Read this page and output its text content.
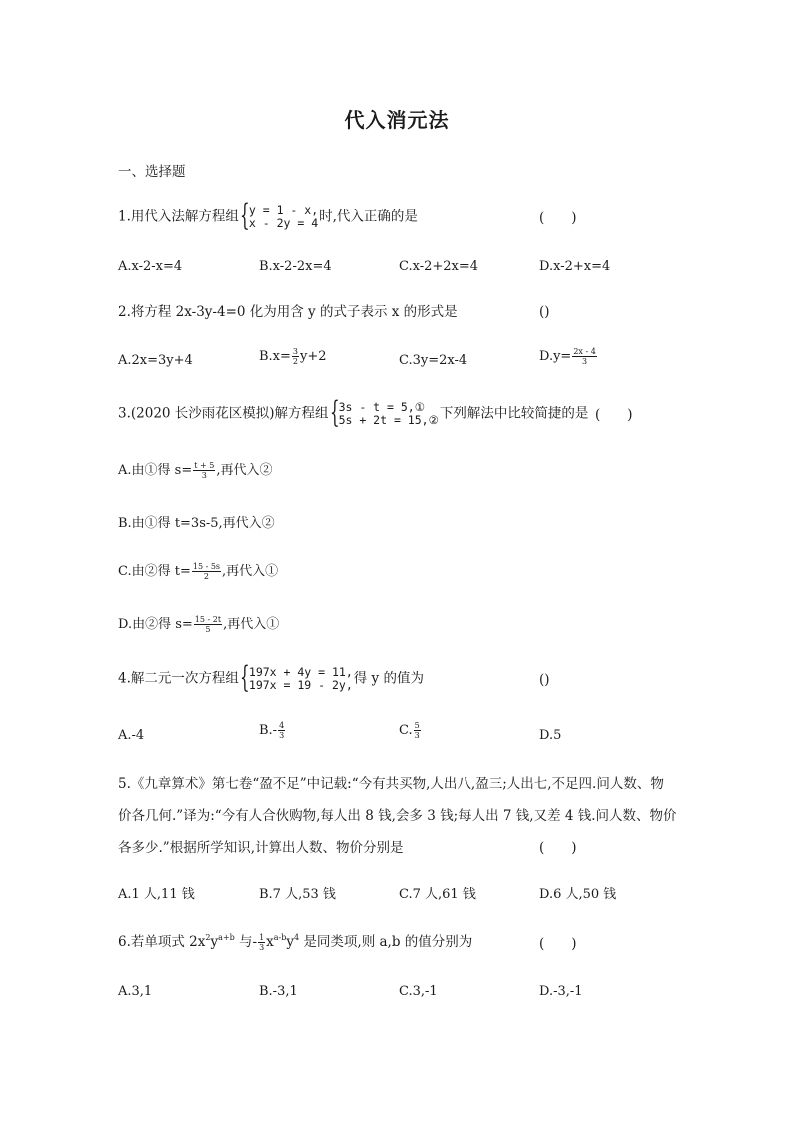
代入消元法
一、选择题
1.用代入法解方程组 { y = 1 - x,
x - 2y = 4 时,代入正确的是	(　　)
A.x-2-x=4	B.x-2-2x=4	C.x-2+2x=4	D.x-2+x=4
2.将方程 2x-3y-4=0 化为用含 y 的式子表示 x 的形式是	()
A.2x=3y+4	$B.x= \frac{3}{2} y+2$	C.3y=2x-4	$D.y= \frac{2x - 4}{3}$
3.(2020 长沙雨花区模拟)解方程组 { 3s - t = 5,①
5s + 2t = 15,② 下列解法中比较简捷的是 (　　)
A.由①得 $s= \frac{t + 5}{3}$ ,再代入②
B.由①得 t=3s-5,再代入②
C.由②得 $t= \frac{15 - 5s}{2}$ ,再代入①
D.由②得 $s= \frac{15 - 2t}{5}$ ,再代入①
4.解二元一次方程组 { 197x + 4y = 11,
197x = 19 - 2y, 得 y 的值为	()
A.-4	$B.- \frac{4}{3}$	C. $\frac{5}{3}$	D.5
5.《九章算术》第七卷“盈不足”中记载:“今有共买物,人出八,盈三;人出七,不足四.问人数、物
价各几何.”译为:“今有人合伙购物,每人出 8 钱,会多 3 钱;每人出 7 钱,又差 4 钱.问人数、物价
各多少.”根据所学知识,计算出人数、物价分别是	(　　)
A.1 人,11 钱	B.7 人,53 钱	C.7 人,61 钱	D.6 人,50 钱
6.若单项式 $2x^2y^{a+b}$ 与- $\frac{1}{3} x^{a-b}y^4$ 是同类项,则 a,b 的值分别为	(　　)
A.3,1	B.-3,1	C.3,-1	D.-3,-1
